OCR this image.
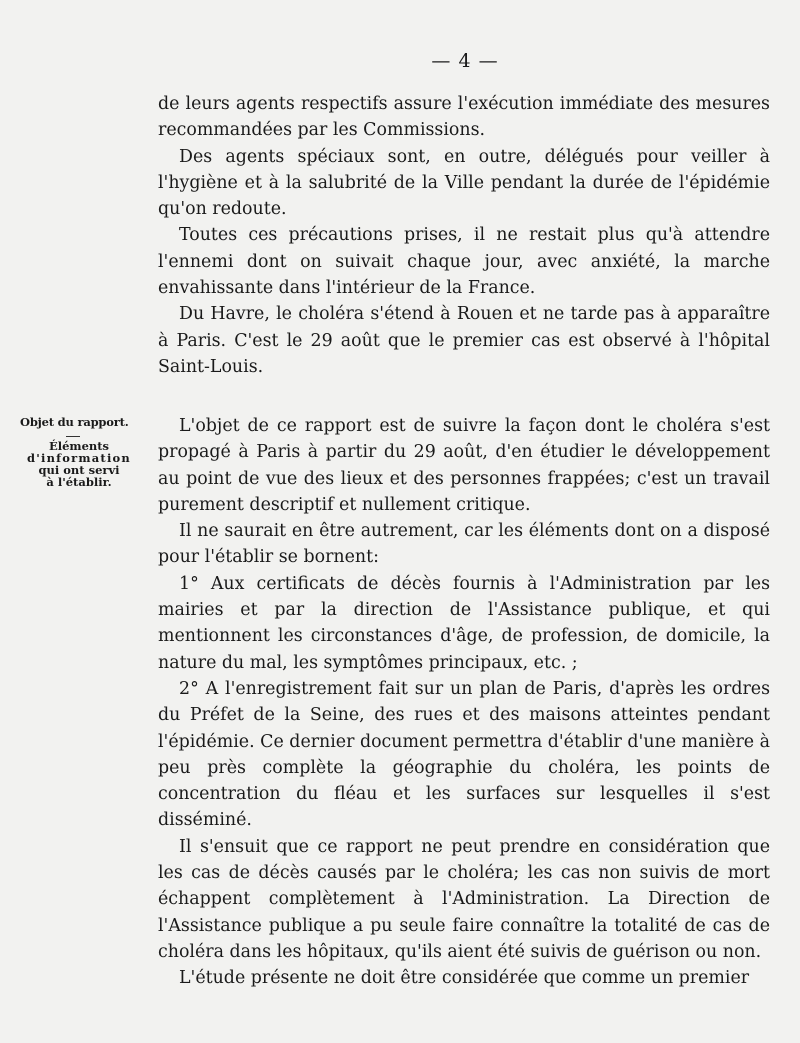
— 4 —

de leurs agents respectifs assure l'exécution immédiate des mesures recommandées par les Commissions.

Des agents spéciaux sont, en outre, délégués pour veiller à l'hygiène et à la salubrité de la Ville pendant la durée de l'épidémie qu'on redoute.

Toutes ces précautions prises, il ne restait plus qu'à attendre l'ennemi dont on suivait chaque jour, avec anxiété, la marche envahissante dans l'intérieur de la France.

Du Havre, le choléra s'étend à Rouen et ne tarde pas à apparaître à Paris. C'est le 29 août que le premier cas est observé à l'hôpital Saint-Louis.

Objet du rapport.
Éléments
d'information
qui ont servi
à l'établir.

L'objet de ce rapport est de suivre la façon dont le choléra s'est propagé à Paris à partir du 29 août, d'en étudier le développement au point de vue des lieux et des personnes frappées; c'est un travail purement descriptif et nullement critique.

Il ne saurait en être autrement, car les éléments dont on a disposé pour l'établir se bornent:

1° Aux certificats de décès fournis à l'Administration par les mairies et par la direction de l'Assistance publique, et qui mentionnent les circonstances d'âge, de profession, de domicile, la nature du mal, les symptômes principaux, etc. ;

2° A l'enregistrement fait sur un plan de Paris, d'après les ordres du Préfet de la Seine, des rues et des maisons atteintes pendant l'épidémie. Ce dernier document permettra d'établir d'une manière à peu près complète la géographie du choléra, les points de concentration du fléau et les surfaces sur lesquelles il s'est disséminé.

Il s'ensuit que ce rapport ne peut prendre en considération que les cas de décès causés par le choléra; les cas non suivis de mort échappent complètement à l'Administration. La Direction de l'Assistance publique a pu seule faire connaître la totalité de cas de choléra dans les hôpitaux, qu'ils aient été suivis de guérison ou non.

L'étude présente ne doit être considérée que comme un premier
